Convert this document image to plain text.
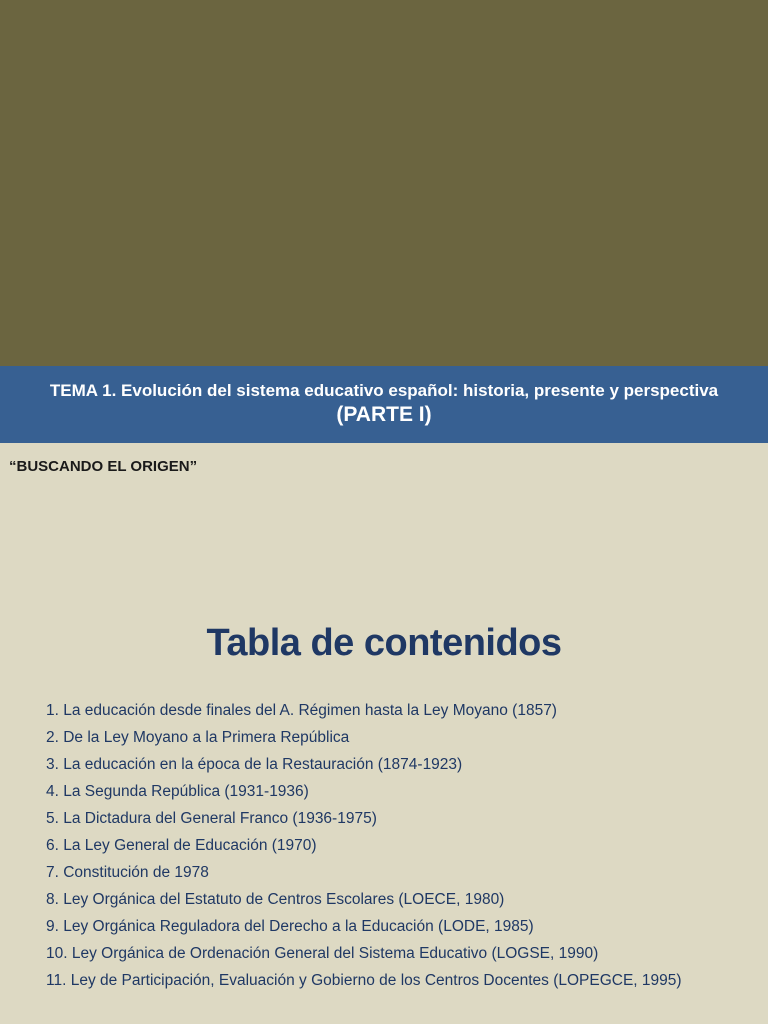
TEMA 1. Evolución del sistema educativo español: historia, presente y perspectiva
(PARTE I)
“BUSCANDO EL ORIGEN”
Tabla de contenidos
1. La educación desde finales del A. Régimen hasta la Ley Moyano (1857)
2. De la Ley Moyano a la Primera República
3. La educación en la época de la Restauración (1874-1923)
4. La Segunda República (1931-1936)
5. La Dictadura del General Franco (1936-1975)
6. La Ley General de Educación (1970)
7. Constitución de 1978
8. Ley Orgánica del Estatuto de Centros Escolares (LOECE, 1980)
9. Ley Orgánica Reguladora del Derecho a la Educación (LODE, 1985)
10. Ley Orgánica de Ordenación General del Sistema Educativo (LOGSE, 1990)
11. Ley de Participación, Evaluación y Gobierno de los Centros Docentes (LOPEGCE, 1995)
